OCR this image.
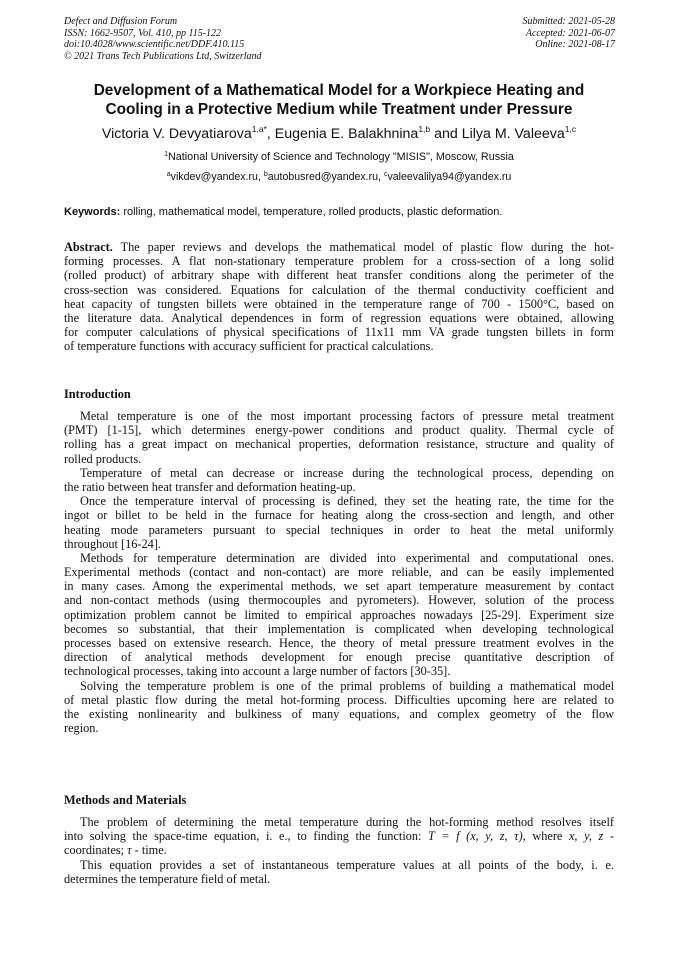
Defect and Diffusion Forum
ISSN: 1662-9507, Vol. 410, pp 115-122
doi:10.4028/www.scientific.net/DDF.410.115
© 2021 Trans Tech Publications Ltd, Switzerland
Submitted: 2021-05-28
Accepted: 2021-06-07
Online: 2021-08-17
Development of a Mathematical Model for a Workpiece Heating and
Cooling in a Protective Medium while Treatment under Pressure
Victoria V. Devyatiarova$^{1,a*}$, Eugenia E. Balakhnina$^{1,b}$ and Lilya M. Valeeva$^{1,c}$
$^1$National University of Science and Technology "MISIS", Moscow, Russia
$^a$vikdev@yandex.ru, $^b$autobusred@yandex.ru, $^c$valeevalilya94@yandex.ru
Keywords: rolling, mathematical model, temperature, rolled products, plastic deformation.
Abstract. The paper reviews and develops the mathematical model of plastic flow during the hot-
forming processes. A flat non-stationary temperature problem for a cross-section of a long solid
(rolled product) of arbitrary shape with different heat transfer conditions along the perimeter of the
cross-section was considered. Equations for calculation of the thermal conductivity coefficient and
heat capacity of tungsten billets were obtained in the temperature range of 700 - 1500°C, based on
the literature data. Analytical dependences in form of regression equations were obtained, allowing
for computer calculations of physical specifications of 11x11 mm VA grade tungsten billets in form
of temperature functions with accuracy sufficient for practical calculations.
Introduction
Metal temperature is one of the most important processing factors of pressure metal treatment
(PMT) [1-15], which determines energy-power conditions and product quality. Thermal cycle of
rolling has a great impact on mechanical properties, deformation resistance, structure and quality of
rolled products.
Temperature of metal can decrease or increase during the technological process, depending on
the ratio between heat transfer and deformation heating-up.
Once the temperature interval of processing is defined, they set the heating rate, the time for the
ingot or billet to be held in the furnace for heating along the cross-section and length, and other
heating mode parameters pursuant to special techniques in order to heat the metal uniformly
throughout [16-24].
Methods for temperature determination are divided into experimental and computational ones.
Experimental methods (contact and non-contact) are more reliable, and can be easily implemented
in many cases. Among the experimental methods, we set apart temperature measurement by contact
and non-contact methods (using thermocouples and pyrometers). However, solution of the process
optimization problem cannot be limited to empirical approaches nowadays [25-29]. Experiment size
becomes so substantial, that their implementation is complicated when developing technological
processes based on extensive research. Hence, the theory of metal pressure treatment evolves in the
direction of analytical methods development for enough precise quantitative description of
technological processes, taking into account a large number of factors [30-35].
Solving the temperature problem is one of the primal problems of building a mathematical model
of metal plastic flow during the metal hot-forming process. Difficulties upcoming here are related to
the existing nonlinearity and bulkiness of many equations, and complex geometry of the flow
region.
Methods and Materials
The problem of determining the metal temperature during the hot-forming method resolves itself
into solving the space-time equation, i. e., to finding the function: T = f (x, y, z, τ), where x, y, z -
coordinates; τ - time.
This equation provides a set of instantaneous temperature values at all points of the body, i. e.
determines the temperature field of metal.
